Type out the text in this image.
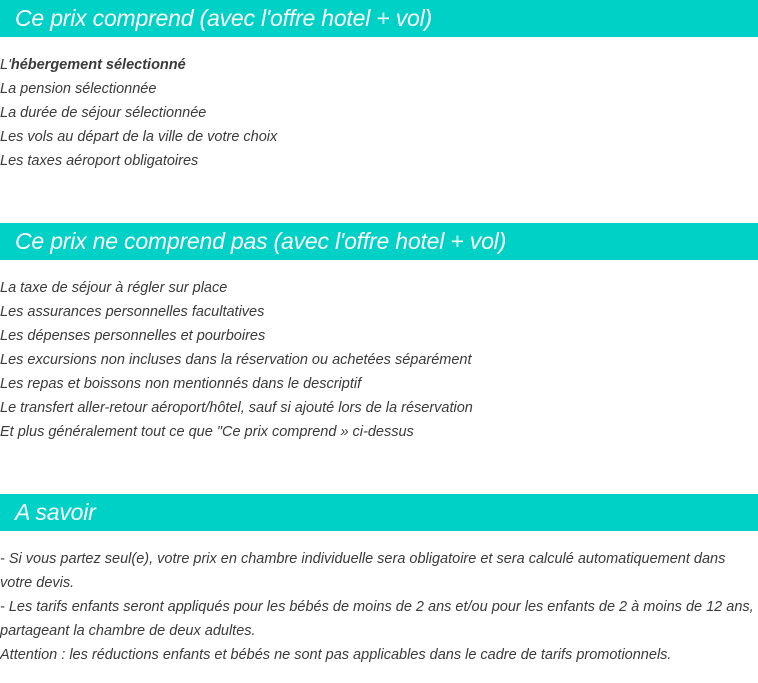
Ce prix comprend (avec l'offre hotel + vol)
L'hébergement sélectionné
La pension sélectionnée
La durée de séjour sélectionnée
Les vols au départ de la ville de votre choix
Les taxes aéroport obligatoires
Ce prix ne comprend pas (avec l'offre hotel + vol)
La taxe de séjour à régler sur place
Les assurances personnelles facultatives
Les dépenses personnelles et pourboires
Les excursions non incluses dans la réservation ou achetées séparément
Les repas et boissons non mentionnés dans le descriptif
Le transfert aller-retour aéroport/hôtel, sauf si ajouté lors de la réservation
Et plus généralement tout ce que "Ce prix comprend » ci-dessus
A savoir

- Si vous partez seul(e), votre prix en chambre individuelle sera obligatoire et sera calculé automatiquement dans votre devis.

- Les tarifs enfants seront appliqués pour les bébés de moins de 2 ans et/ou pour les enfants de 2 à moins de 12 ans, partageant la chambre de deux adultes.

Attention : les réductions enfants et bébés ne sont pas applicables dans le cadre de tarifs promotionnels.
